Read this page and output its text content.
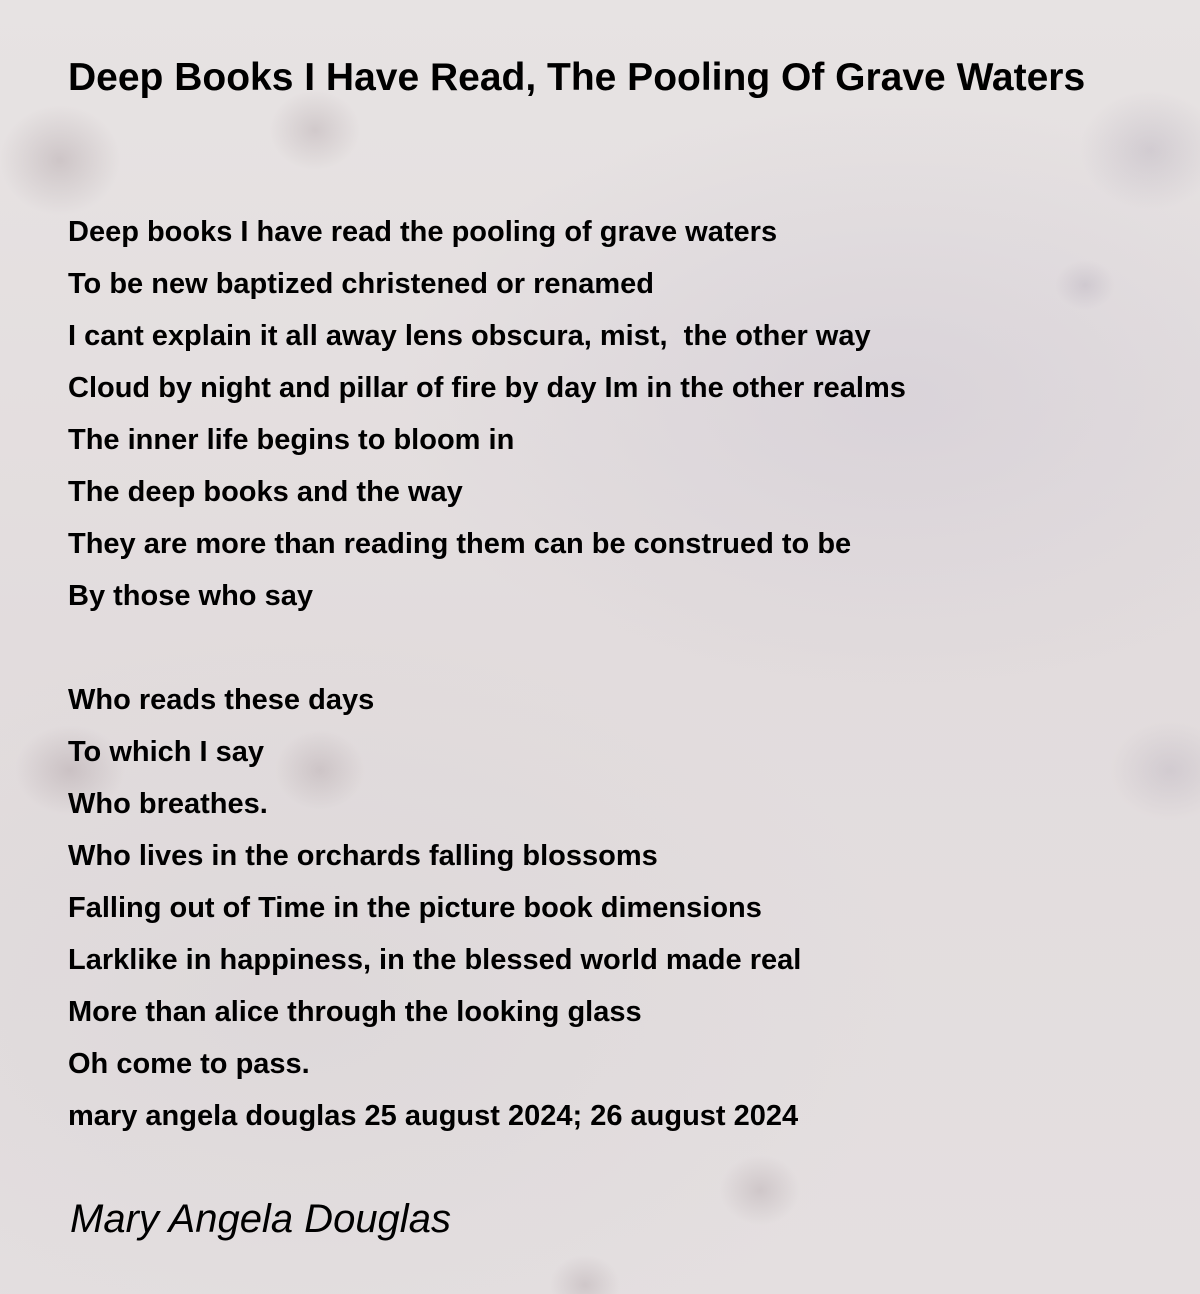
Deep Books I Have Read, The Pooling Of Grave Waters
Deep books I have read the pooling of grave waters
To be new baptized christened or renamed
I cant explain it all away lens obscura, mist,  the other way
Cloud by night and pillar of fire by day Im in the other realms
The inner life begins to bloom in
The deep books and the way
They are more than reading them can be construed to be
By those who say
Who reads these days
To which I say
Who breathes.
Who lives in the orchards falling blossoms
Falling out of Time in the picture book dimensions
Larklike in happiness, in the blessed world made real
More than alice through the looking glass
Oh come to pass.
mary angela douglas 25 august 2024; 26 august 2024
Mary Angela Douglas
